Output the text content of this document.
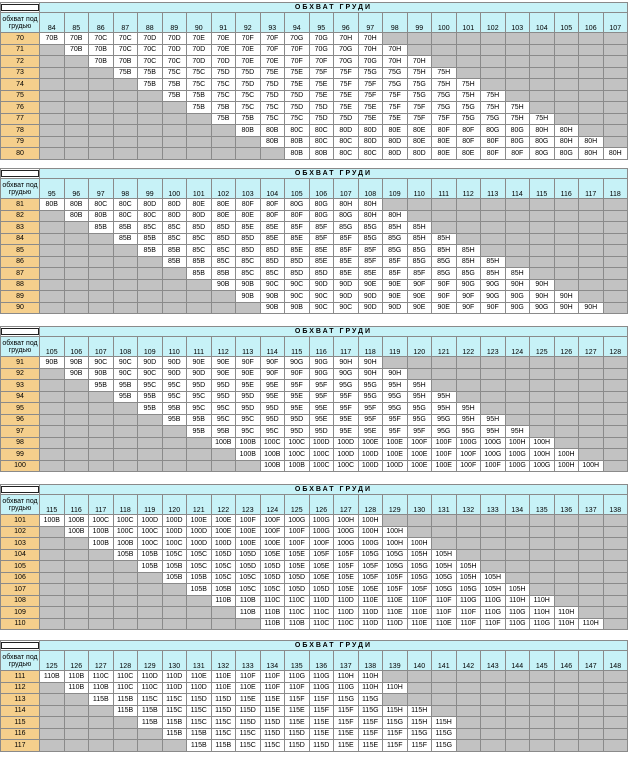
	ОБХВАТ ГРУДИ																							
обхват под грудью	84	85	86	87	88	89	90	91	92	93	94	95	96	97	98	99	100	101	102	103	104	105	106	107
70	70B	70B	70C	70C	70D	70D	70E	70E	70F	70F	70G	70G	70H	70H										
71		70B	70B	70C	70C	70D	70D	70E	70E	70F	70F	70G	70G	70H	70H									
72			70B	70B	70C	70C	70D	70D	70E	70E	70F	70F	70G	70G	70H	70H								
73				75B	75B	75C	75C	75D	75D	75E	75E	75F	75F	75G	75G	75H	75H							
74					75B	75B	75C	75C	75D	75D	75E	75E	75F	75F	75G	75G	75H	75H						
75						75B	75B	75C	75C	75D	75D	75E	75E	75F	75F	75G	75G	75H	75H					
76							75B	75B	75C	75C	75D	75D	75E	75E	75F	75F	75G	75G	75H	75H				
77								75B	75B	75C	75C	75D	75D	75E	75E	75F	75F	75G	75G	75H	75H			
78									80B	80B	80C	80C	80D	80D	80E	80E	80F	80F	80G	80G	80H	80H		
79										80B	80B	80C	80C	80D	80D	80E	80E	80F	80F	80G	80G	80H	80H	
80											80B	80B	80C	80C	80D	80D	80E	80E	80F	80F	80G	80G	80H	80H
	ОБХВАТ ГРУДИ																							
обхват под грудью	95	96	97	98	99	100	101	102	103	104	105	106	107	108	109	110	111	112	113	114	115	116	117	118
81	80B	80B	80C	80C	80D	80D	80E	80E	80F	80F	80G	80G	80H	80H										
82		80B	80B	80C	80C	80D	80D	80E	80E	80F	80F	80G	80G	80H	80H									
83			85B	85B	85C	85C	85D	85D	85E	85E	85F	85F	85G	85G	85H	85H								
84				85B	85B	85C	85C	85D	85D	85E	85E	85F	85F	85G	85G	85H	85H							
85					85B	85B	85C	85C	85D	85D	85E	85E	85F	85F	85G	85G	85H	85H						
86						85B	85B	85C	85C	85D	85D	85E	85E	85F	85F	85G	85G	85H	85H					
87							85B	85B	85C	85C	85D	85D	85E	85E	85F	85F	85G	85G	85H	85H				
88								90B	90B	90C	90C	90D	90D	90E	90E	90F	90F	90G	90G	90H	90H			
89									90B	90B	90C	90C	90D	90D	90E	90E	90F	90F	90G	90G	90H	90H		
90										90B	90B	90C	90C	90D	90D	90E	90E	90F	90F	90G	90G	90H	90H	
	ОБХВАТ ГРУДИ																							
обхват под грудью	105	106	107	108	109	110	111	112	113	114	115	116	117	118	119	120	121	122	123	124	125	126	127	128
91	90B	90B	90C	90C	90D	90D	90E	90E	90F	90F	90G	90G	90H	90H										
92		90B	90B	90C	90C	90D	90D	90E	90E	90F	90F	90G	90G	90H	90H									
93			95B	95B	95C	95C	95D	95D	95E	95E	95F	95F	95G	95G	95H	95H								
94				95B	95B	95C	95C	95D	95D	95E	95E	95F	95F	95G	95G	95H	95H							
95					95B	95B	95C	95C	95D	95D	95E	95E	95F	95F	95G	95G	95H	95H						
96						95B	95B	95C	95C	95D	95D	95E	95E	95F	95F	95G	95G	95H	95H					
97							95B	95B	95C	95C	95D	95D	95E	95E	95F	95F	95G	95G	95H	95H				
98								100B	100B	100C	100C	100D	100D	100E	100E	100F	100F	100G	100G	100H	100H			
99									100B	100B	100C	100C	100D	100D	100E	100E	100F	100F	100G	100G	100H	100H		
100										100B	100B	100C	100C	100D	100D	100E	100E	100F	100F	100G	100G	100H	100H	
	ОБХВАТ ГРУДИ																							
обхват под грудью	115	116	117	118	119	120	121	122	123	124	125	126	127	128	129	130	131	132	133	134	135	136	137	138
101	100B	100B	100C	100C	100D	100D	100E	100E	100F	100F	100G	100G	100H	100H										
102		100B	100B	100C	100C	100D	100D	100E	100E	100F	100F	100G	100G	100H	100H									
103			100B	100B	100C	100C	100D	100D	100E	100E	100F	100F	100G	100G	100H	100H								
104				105B	105B	105C	105C	105D	105D	105E	105E	105F	105F	105G	105G	105H	105H							
105					105B	105B	105C	105C	105D	105D	105E	105E	105F	105F	105G	105G	105H	105H						
106						105B	105B	105C	105C	105D	105D	105E	105E	105F	105F	105G	105G	105H	105H					
107							105B	105B	105C	105C	105D	105D	105E	105E	105F	105F	105G	105G	105H	105H				
108								110B	110B	110C	110C	110D	110D	110E	110E	110F	110F	110G	110G	110H	110H			
109									110B	110B	110C	110C	110D	110D	110E	110E	110F	110F	110G	110G	110H	110H		
110										110B	110B	110C	110C	110D	110D	110E	110E	110F	110F	110G	110G	110H	110H	
	ОБХВАТ ГРУДИ																							
обхват под грудью	125	126	127	128	129	130	131	132	133	134	135	136	137	138	139	140	141	142	143	144	145	146	147	148
111	110B	110B	110C	110C	110D	110D	110E	110E	110F	110F	110G	110G	110H	110H										
112		110B	110B	110C	110C	110D	110D	110E	110E	110F	110F	110G	110G	110H	110H									
113			115B	115B	115C	115C	115D	115D	115E	115E	115F	115F	115G	115G										
114				115B	115B	115C	115C	115D	115D	115E	115E	115F	115F	115G	115H	115H								
115					115B	115B	115C	115C	115D	115D	115E	115E	115F	115F	115G	115H	115H							
116						115B	115B	115C	115C	115D	115D	115E	115E	115F	115F	115G	115G							
117							115B	115B	115C	115C	115D	115D	115E	115E	115F	115F	115G							
